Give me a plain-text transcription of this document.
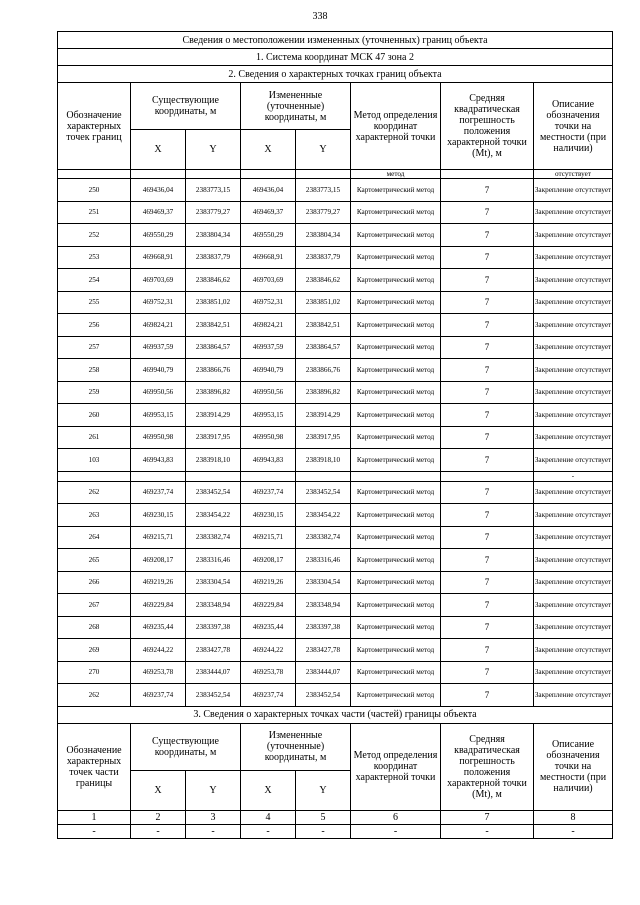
338
Сведения о местоположении измененных (уточненных) границ объекта							
1. Система координат МСК 47 зона 2							
2. Сведения о характерных точках границ объекта							
Обозначение характерных точек границ	Существующие координаты, м		Измененные (уточненные) координаты, м		Метод определения координат характерной точки	Средняя квадратическая погрешность положения характерной точки (Mt), м	Описание обозначения точки на местности (при наличии)
	X	Y	X	Y			
					метод		отсутствует
250	469436,04	2383773,15	469436,04	2383773,15	Картометрический метод	7	Закрепление отсутствует
251	469469,37	2383779,27	469469,37	2383779,27	Картометрический метод	7	Закрепление отсутствует
252	469550,29	2383804,34	469550,29	2383804,34	Картометрический метод	7	Закрепление отсутствует
253	469668,91	2383837,79	469668,91	2383837,79	Картометрический метод	7	Закрепление отсутствует
254	469703,69	2383846,62	469703,69	2383846,62	Картометрический метод	7	Закрепление отсутствует
255	469752,31	2383851,02	469752,31	2383851,02	Картометрический метод	7	Закрепление отсутствует
256	469824,21	2383842,51	469824,21	2383842,51	Картометрический метод	7	Закрепление отсутствует
257	469937,59	2383864,57	469937,59	2383864,57	Картометрический метод	7	Закрепление отсутствует
258	469940,79	2383866,76	469940,79	2383866,76	Картометрический метод	7	Закрепление отсутствует
259	469950,56	2383896,82	469950,56	2383896,82	Картометрический метод	7	Закрепление отсутствует
260	469953,15	2383914,29	469953,15	2383914,29	Картометрический метод	7	Закрепление отсутствует
261	469950,98	2383917,95	469950,98	2383917,95	Картометрический метод	7	Закрепление отсутствует
103	469943,83	2383918,10	469943,83	2383918,10	Картометрический метод	7	Закрепление отсутствует
							-
262	469237,74	2383452,54	469237,74	2383452,54	Картометрический метод	7	Закрепление отсутствует
263	469230,15	2383454,22	469230,15	2383454,22	Картометрический метод	7	Закрепление отсутствует
264	469215,71	2383382,74	469215,71	2383382,74	Картометрический метод	7	Закрепление отсутствует
265	469208,17	2383316,46	469208,17	2383316,46	Картометрический метод	7	Закрепление отсутствует
266	469219,26	2383304,54	469219,26	2383304,54	Картометрический метод	7	Закрепление отсутствует
267	469229,84	2383348,94	469229,84	2383348,94	Картометрический метод	7	Закрепление отсутствует
268	469235,44	2383397,38	469235,44	2383397,38	Картометрический метод	7	Закрепление отсутствует
269	469244,22	2383427,78	469244,22	2383427,78	Картометрический метод	7	Закрепление отсутствует
270	469253,78	2383444,07	469253,78	2383444,07	Картометрический метод	7	Закрепление отсутствует
262	469237,74	2383452,54	469237,74	2383452,54	Картометрический метод	7	Закрепление отсутствует
3. Сведения о характерных точках части (частей) границы объекта							
Обозначение характерных точек части границы	Существующие координаты, м		Измененные (уточненные) координаты, м		Метод определения координат характерной точки	Средняя квадратическая погрешность положения характерной точки (Mt), м	Описание обозначения точки на местности (при наличии)
	X	Y	X	Y			
1	2	3	4	5	6	7	8
-	-	-	-	-	-	-	-
